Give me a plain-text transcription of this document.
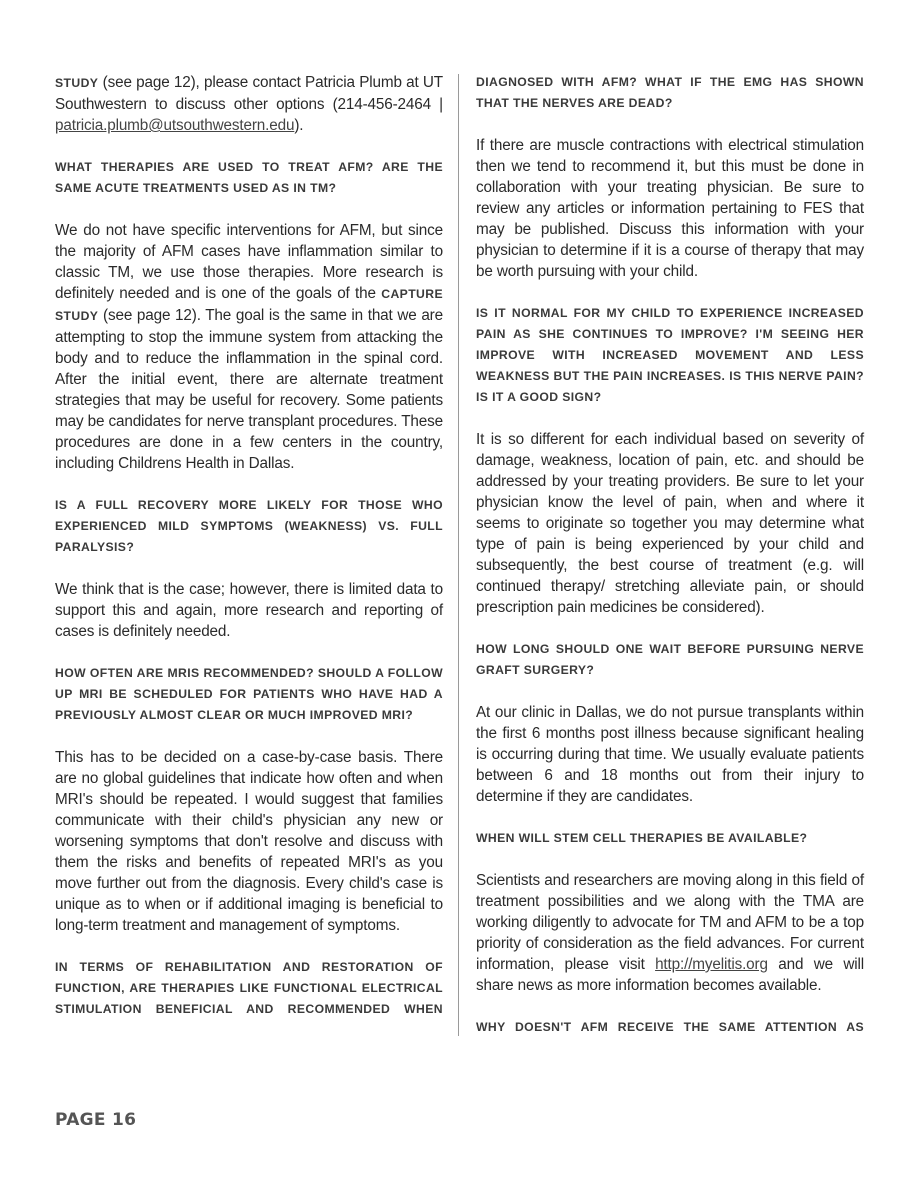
STUDY (see page 12), please contact Patricia Plumb at UT Southwestern to discuss other options (214-456-2464 | patricia.plumb@utsouthwestern.edu).

WHAT THERAPIES ARE USED TO TREAT AFM? ARE THE SAME ACUTE TREATMENTS USED AS IN TM?

We do not have specific interventions for AFM, but since the majority of AFM cases have inflammation similar to classic TM, we use those therapies. More research is definitely needed and is one of the goals of the CAPTURE STUDY (see page 12). The goal is the same in that we are attempting to stop the immune system from attacking the body and to reduce the inflammation in the spinal cord. After the initial event, there are alternate treatment strategies that may be useful for recovery. Some patients may be candidates for nerve transplant procedures. These procedures are done in a few centers in the country, including Childrens Health in Dallas.

IS A FULL RECOVERY MORE LIKELY FOR THOSE WHO EXPERIENCED MILD SYMPTOMS (WEAKNESS) VS. FULL PARALYSIS?

We think that is the case; however, there is limited data to support this and again, more research and reporting of cases is definitely needed.

HOW OFTEN ARE MRIS RECOMMENDED? SHOULD A FOLLOW UP MRI BE SCHEDULED FOR PATIENTS WHO HAVE HAD A PREVIOUSLY ALMOST CLEAR OR MUCH IMPROVED MRI?

This has to be decided on a case-by-case basis. There are no global guidelines that indicate how often and when MRI's should be repeated. I would suggest that families communicate with their child's physician any new or worsening symptoms that don't resolve and discuss with them the risks and benefits of repeated MRI's as you move further out from the diagnosis. Every child's case is unique as to when or if additional imaging is beneficial to long-term treatment and management of symptoms.

IN TERMS OF REHABILITATION AND RESTORATION OF FUNCTION, ARE THERAPIES LIKE FUNCTIONAL ELECTRICAL STIMULATION BENEFICIAL AND RECOMMENDED WHEN
DIAGNOSED WITH AFM? WHAT IF THE EMG HAS SHOWN THAT THE NERVES ARE DEAD?

If there are muscle contractions with electrical stimulation then we tend to recommend it, but this must be done in collaboration with your treating physician. Be sure to review any articles or information pertaining to FES that may be published. Discuss this information with your physician to determine if it is a course of therapy that may be worth pursuing with your child.

IS IT NORMAL FOR MY CHILD TO EXPERIENCE INCREASED PAIN AS SHE CONTINUES TO IMPROVE? I'M SEEING HER IMPROVE WITH INCREASED MOVEMENT AND LESS WEAKNESS BUT THE PAIN INCREASES. IS THIS NERVE PAIN? IS IT A GOOD SIGN?

It is so different for each individual based on severity of damage, weakness, location of pain, etc. and should be addressed by your treating providers. Be sure to let your physician know the level of pain, when and where it seems to originate so together you may determine what type of pain is being experienced by your child and subsequently, the best course of treatment (e.g. will continued therapy/ stretching alleviate pain, or should prescription pain medicines be considered).

HOW LONG SHOULD ONE WAIT BEFORE PURSUING NERVE GRAFT SURGERY?

At our clinic in Dallas, we do not pursue transplants within the first 6 months post illness because significant healing is occurring during that time. We usually evaluate patients between 6 and 18 months out from their injury to determine if they are candidates.

WHEN WILL STEM CELL THERAPIES BE AVAILABLE?

Scientists and researchers are moving along in this field of treatment possibilities and we along with the TMA are working diligently to advocate for TM and AFM to be a top priority of consideration as the field advances. For current information, please visit http://myelitis.org and we will share news as more information becomes available.

WHY DOESN'T AFM RECEIVE THE SAME ATTENTION AS
PAGE 16
